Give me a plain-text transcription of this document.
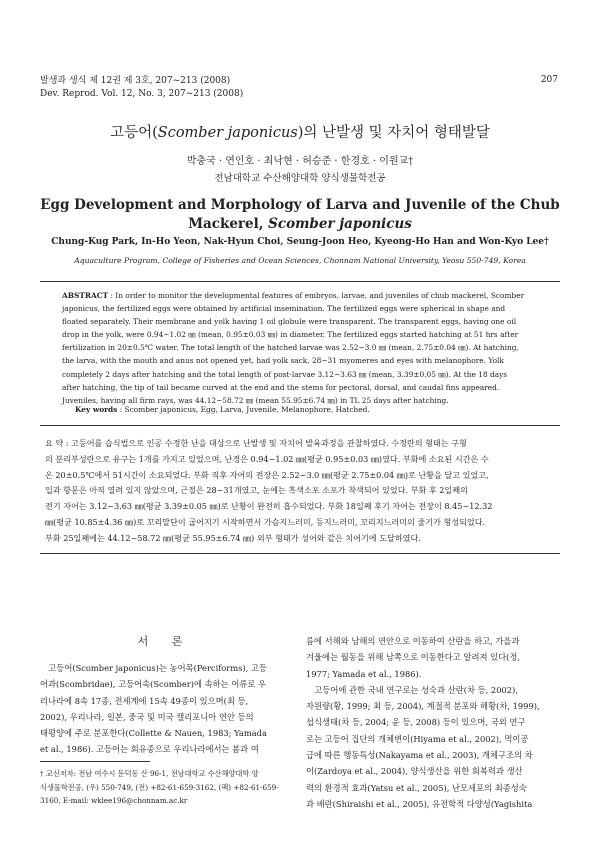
발생과 생식 제 12권 제 3호, 207~213 (2008)
Dev. Reprod. Vol. 12, No. 3, 207~213 (2008)
207
고등어(Scomber japonicus)의 난발생 및 자치어 형태발달
박충국 · 연인호 · 최낙현 · 허승준 · 한경호 · 이원교†
전남대학교 수산해양대학 양식생물학전공
Egg Development and Morphology of Larva and Juvenile of the Chub
Mackerel, Scomber japonicus
Chung-Kug Park, In-Ho Yeon, Nak-Hyun Choi, Seung-Joon Heo, Kyeong-Ho Han and Won-Kyo Lee†
Aquaculture Program, College of Fisheries and Ocean Sciences, Chonnam National University, Yeosu 550-749, Korea
ABSTRACT : In order to monitor the developmental features of embryos, larvae, and juveniles of chub mackerel, Scomber
japonicus, the fertilized eggs were obtained by artificial insemination. The fertilized eggs were spherical in shape and
floated separately. Their membrane and yolk having 1 oil globule were transparent. The transparent eggs, having one oil
drop in the yolk, were 0.94~1.02 ㎜ (mean, 0.95±0.03 ㎜) in diameter. The fertilized eggs started hatching at 51 hrs after
fertilization in 20±0.5℃ water. The total length of the hatched larvae was 2.52~3.0 ㎜ (mean, 2.75±0.04 ㎜). At hatching,
the larva, with the mouth and anus not opened yet, had yolk sack, 28~31 myomeres and eyes with melanophore. Yolk
completely 2 days after hatching and the total length of post-larvae 3.12~3.63 ㎜ (mean, 3.39±0.05 ㎜). At the 18 days
after hatching, the tip of tail became curved at the end and the stems for pectoral, dorsal, and caudal fins appeared.
Juveniles, having all firm rays, was 44.12~58.72 ㎜ (mean 55.95±6.74 ㎜) in TL 25 days after hatching.
Key words : Scomber japonicus, Egg, Larva, Juvenile, Melanophore, Hatched.
요 약 : 고등어를 습식법으로 인공 수정한 난을 대상으로 난발생 및 자치어 발육과정을 관찰하였다. 수정란의 형태는 구형
의 분리부성란으로 유구는 1개를 가지고 있었으며, 난경은 0.94~1.02 ㎜(평균 0.95±0.03 ㎜)였다. 부화에 소요된 시간은 수
온 20±0.5℃에서 51시간이 소요되었다. 부화 직후 자어의 전장은 2.52~3.0 ㎜(평균 2.75±0.04 ㎜)로 난황을 달고 있었고,
입과 항문은 아직 열려 있지 않았으며, 근절은 28~31개였고, 눈에는 흑색소포 소포가 착색되어 있었다. 부화 후 2일째의
전기 자어는 3.12~3.63 ㎜(평균 3.39±0.05 ㎜)로 난황이 완전히 흡수되었다. 부화 18일째 후기 자어는 전장이 8.45~12.32
㎜(평균 10.85±4.36 ㎜)로 꼬리말단이 굽어지기 시작하면서 가슴지느러미, 등지느러미, 꼬리지느러미의 줄기가 형성되었다.
부화 25일째에는 44.12~58.72 ㎜(평균 55.95±6.74 ㎜) 외부 형태가 성어와 같은 치어기에 도달하였다.
서 론
고등어(Scomber japonicus)는 농어목(Perciforms), 고등
어과(Scombridae), 고등어속(Scomber)에 속하는 어류로 우
리나라에 8속 17종, 전세계에 15속 49종이 있으며(최 등,
2002), 우리나라, 일본, 중국 및 미국 캘리포니아 연안 등의
태평양에 주로 분포한다(Collette & Nauen, 1983; Yamada
et al., 1986). 고등어는 회유종으로 우리나라에서는 봄과 여
† 교신저자: 전남 여수시 둔덕동 산 96-1, 전남대학교 수산해양대학 양
식생물학전공, (우) 550-749, (전) +82-61-659-3162, (팩) +82-61-659-
3160, E-mail: wklee196@chonnam.ac.kr
름에 서해와 남해의 연안으로 이동하여 산란을 하고, 가을과
겨울에는 월동을 위해 남쪽으로 이동한다고 알려져 있다(정,
1977; Yamada et al., 1986).
고등어에 관한 국내 연구로는 성숙과 산란(차 등, 2002),
자원량(황, 1999; 최 등, 2004), 계절적 분포와 해황(차, 1999),
섭식생태(차 등, 2004; 윤 등, 2008) 등이 있으며, 국외 연구
로는 고등어 집단의 개체변이(Hiyama et al., 2002), 먹이공
급에 따른 행동특성(Nakayama et al., 2003), 개체구조의 차
이(Zardoya et al., 2004), 양식생산을 위한 회복력과 생산
력의 환경적 효과(Yatsu et al., 2005), 난모세포의 최종성숙
과 배란(Shiraishi et al., 2005), 유전학적 다양성(Yagishita
